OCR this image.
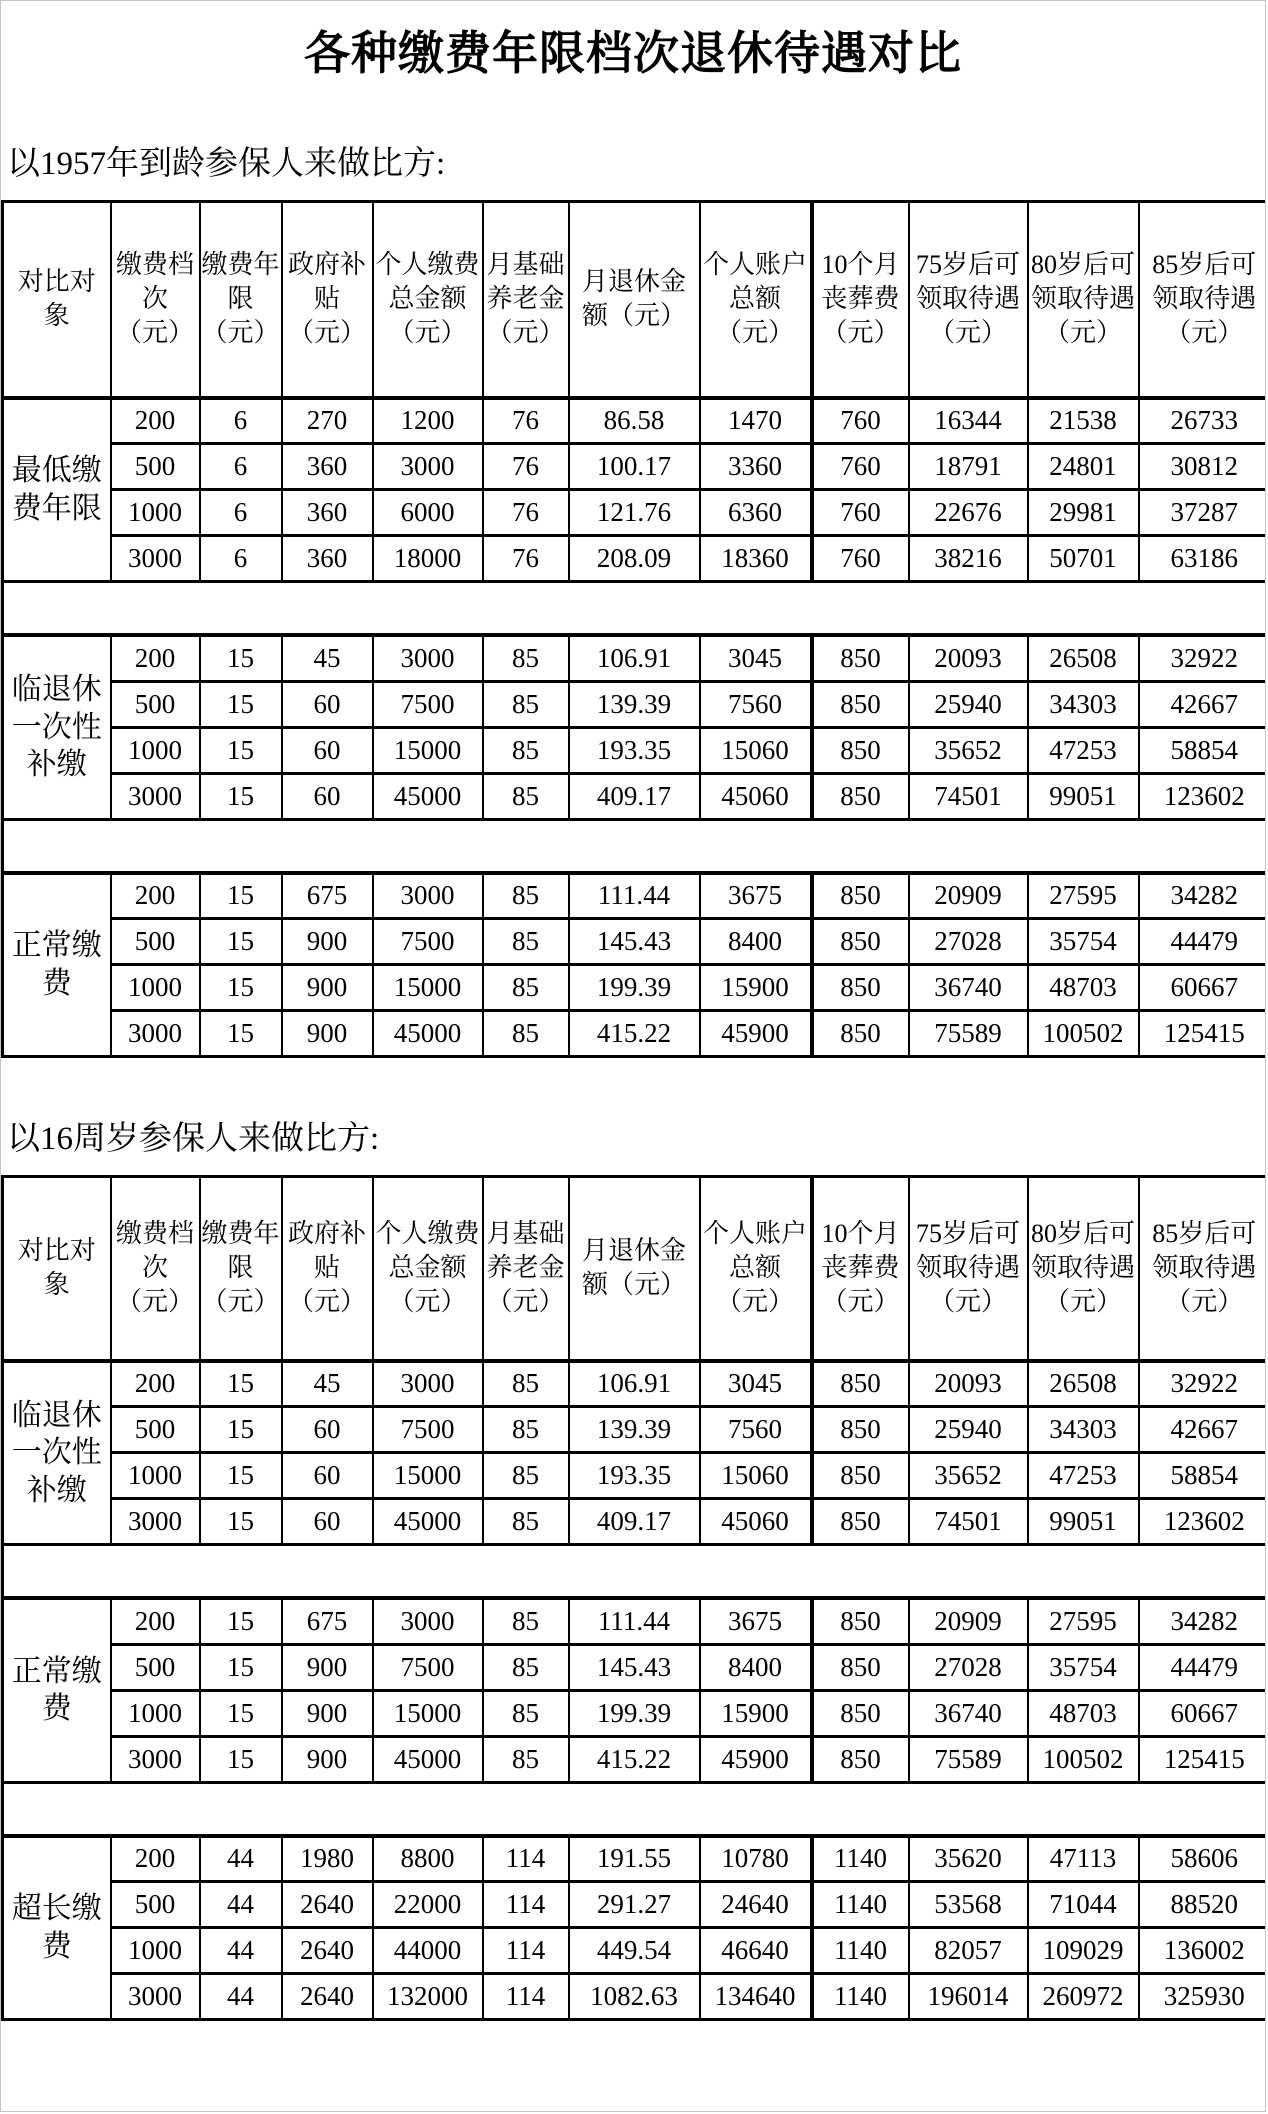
各种缴费年限档次退休待遇对比
以1957年到龄参保人来做比方:
对比对象	缴费档次（元）	缴费年限（元）	政府补贴（元）	个人缴费总金额（元）	月基础养老金（元）	月退休金额（元）	个人账户总额（元）	10个月丧葬费（元）	75岁后可领取待遇（元）	80岁后可领取待遇（元）	85岁后可领取待遇（元）
最低缴费年限	200	6	270	1200	76	86.58	1470	760	16344	21538	26733
	500	6	360	3000	76	100.17	3360	760	18791	24801	30812
	1000	6	360	6000	76	121.76	6360	760	22676	29981	37287
	3000	6	360	18000	76	208.09	18360	760	38216	50701	63186

临退休一次性补缴	200	15	45	3000	85	106.91	3045	850	20093	26508	32922
	500	15	60	7500	85	139.39	7560	850	25940	34303	42667
	1000	15	60	15000	85	193.35	15060	850	35652	47253	58854
	3000	15	60	45000	85	409.17	45060	850	74501	99051	123602

正常缴费	200	15	675	3000	85	111.44	3675	850	20909	27595	34282
	500	15	900	7500	85	145.43	8400	850	27028	35754	44479
	1000	15	900	15000	85	199.39	15900	850	36740	48703	60667
	3000	15	900	45000	85	415.22	45900	850	75589	100502	125415
以16周岁参保人来做比方:
对比对象	缴费档次（元）	缴费年限（元）	政府补贴（元）	个人缴费总金额（元）	月基础养老金（元）	月退休金额（元）	个人账户总额（元）	10个月丧葬费（元）	75岁后可领取待遇（元）	80岁后可领取待遇（元）	85岁后可领取待遇（元）
临退休一次性补缴	200	15	45	3000	85	106.91	3045	850	20093	26508	32922
	500	15	60	7500	85	139.39	7560	850	25940	34303	42667
	1000	15	60	15000	85	193.35	15060	850	35652	47253	58854
	3000	15	60	45000	85	409.17	45060	850	74501	99051	123602

正常缴费	200	15	675	3000	85	111.44	3675	850	20909	27595	34282
	500	15	900	7500	85	145.43	8400	850	27028	35754	44479
	1000	15	900	15000	85	199.39	15900	850	36740	48703	60667
	3000	15	900	45000	85	415.22	45900	850	75589	100502	125415

超长缴费	200	44	1980	8800	114	191.55	10780	1140	35620	47113	58606
	500	44	2640	22000	114	291.27	24640	1140	53568	71044	88520
	1000	44	2640	44000	114	449.54	46640	1140	82057	109029	136002
	3000	44	2640	132000	114	1082.63	134640	1140	196014	260972	325930
